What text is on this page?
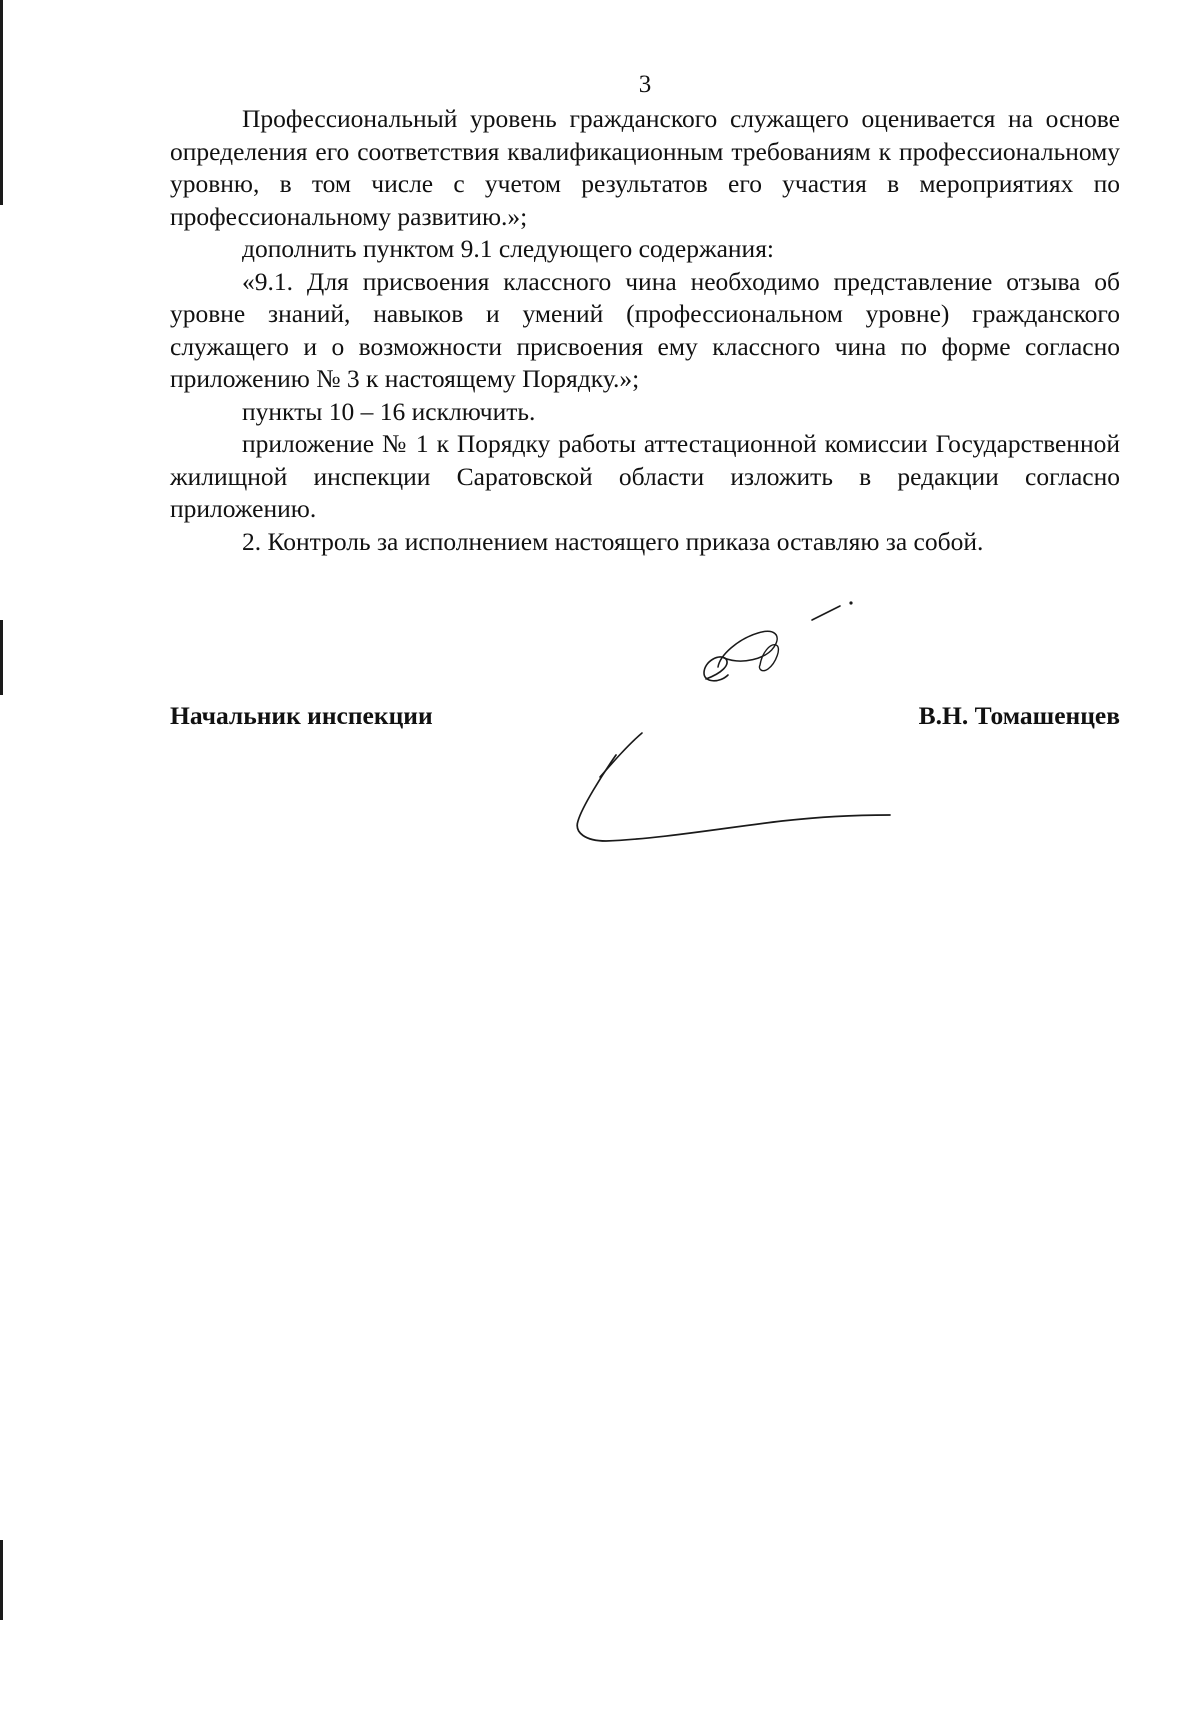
3

Профессиональный уровень гражданского служащего оценивается на основе определения его соответствия квалификационным требованиям к профессиональному уровню, в том числе с учетом результатов его участия в мероприятиях по профессиональному развитию.»;

дополнить пунктом 9.1 следующего содержания:

«9.1. Для присвоения классного чина необходимо представление отзыва об уровне знаний, навыков и умений (профессиональном уровне) гражданского служащего и о возможности присвоения ему классного чина по форме согласно приложению № 3 к настоящему Порядку.»;

пункты 10 – 16 исключить.

приложение № 1 к Порядку работы аттестационной комиссии Государственной жилищной инспекции Саратовской области изложить в редакции согласно приложению.

2. Контроль за исполнением настоящего приказа оставляю за собой.

Начальник инспекции	В.Н. Томашенцев
